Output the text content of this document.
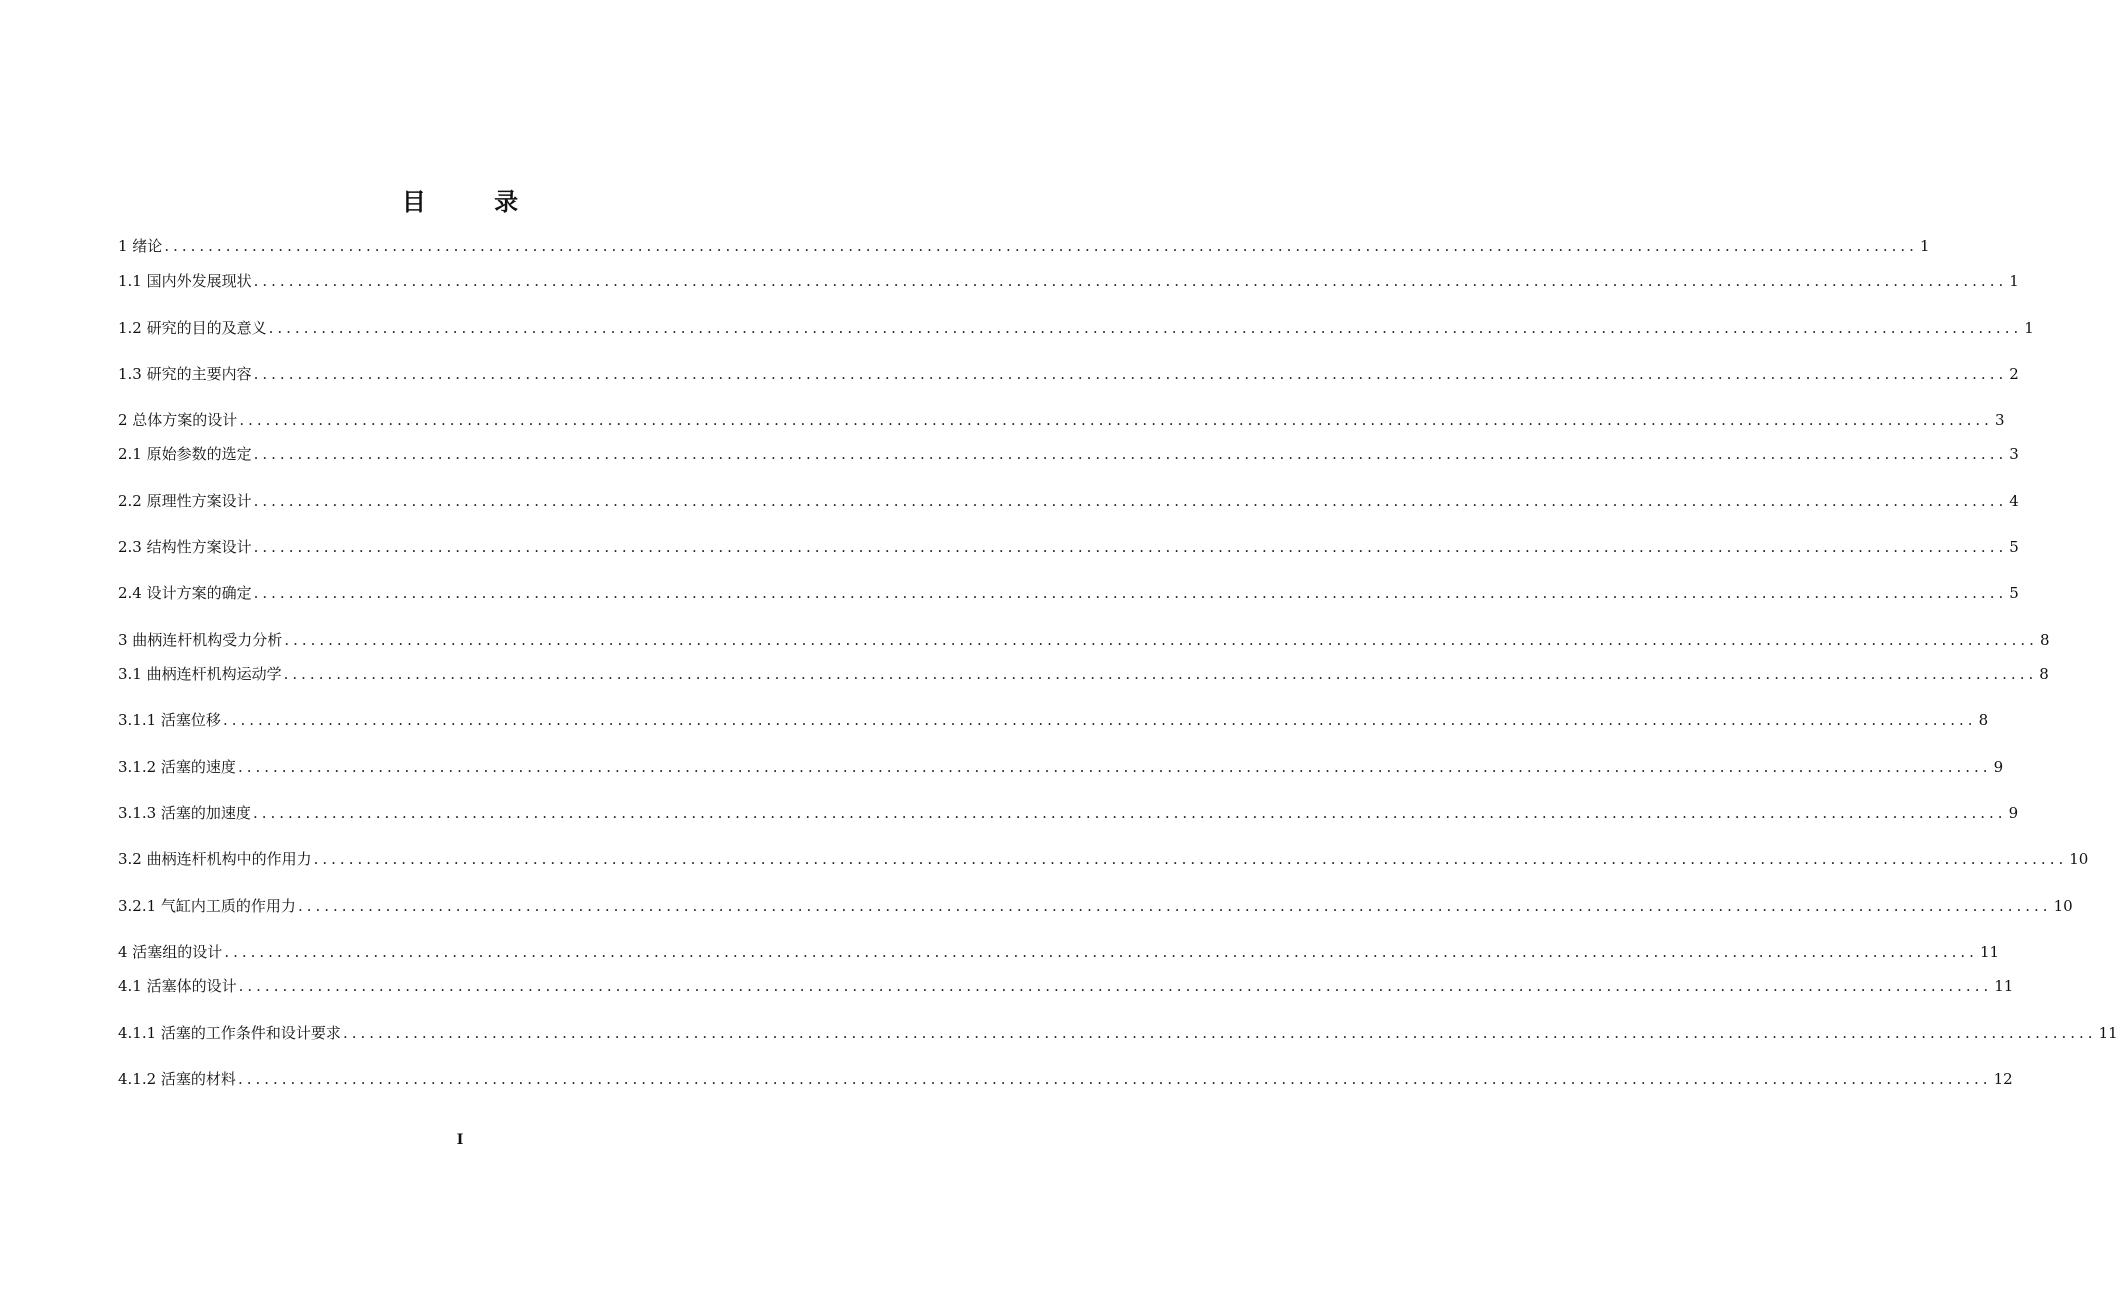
目 录
1 绪论 ........................................................................................................................................................................................................ 1
1.1 国内外发展现状 ........................................................................................................................................................................................................ 1
1.2 研究的目的及意义 ........................................................................................................................................................................................................ 1
1.3 研究的主要内容 ........................................................................................................................................................................................................ 2
2 总体方案的设计 ........................................................................................................................................................................................................ 3
2.1 原始参数的选定 ........................................................................................................................................................................................................ 3
2.2 原理性方案设计 ........................................................................................................................................................................................................ 4
2.3 结构性方案设计 ........................................................................................................................................................................................................ 5
2.4 设计方案的确定 ........................................................................................................................................................................................................ 5
3 曲柄连杆机构受力分析 ........................................................................................................................................................................................................ 8
3.1 曲柄连杆机构运动学 ........................................................................................................................................................................................................ 8
3.1.1 活塞位移 ........................................................................................................................................................................................................ 8
3.1.2 活塞的速度 ........................................................................................................................................................................................................ 9
3.1.3 活塞的加速度 ........................................................................................................................................................................................................ 9
3.2 曲柄连杆机构中的作用力 ........................................................................................................................................................................................................ 10
3.2.1 气缸内工质的作用力 ........................................................................................................................................................................................................ 10
4 活塞组的设计 ........................................................................................................................................................................................................ 11
4.1 活塞体的设计 ........................................................................................................................................................................................................ 11
4.1.1 活塞的工作条件和设计要求 ........................................................................................................................................................................................................ 11
4.1.2 活塞的材料 ........................................................................................................................................................................................................ 12
I
